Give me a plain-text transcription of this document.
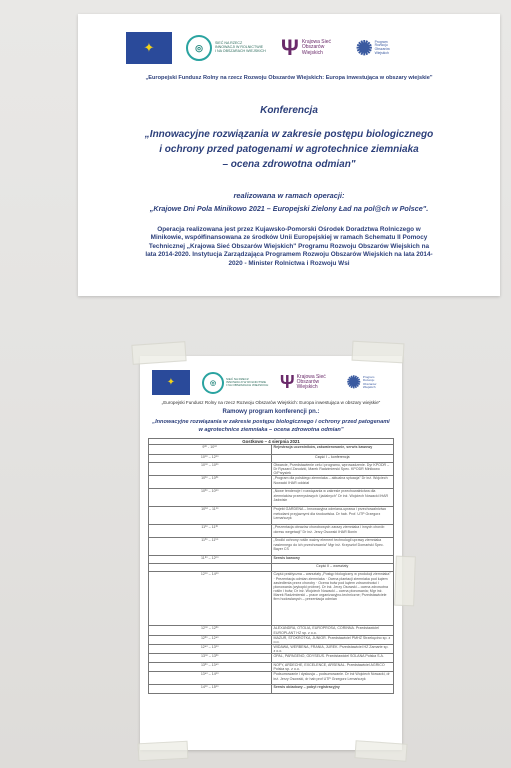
✦	◎	SIEĆ NA RZECZ
INNOWACJI W ROLNICTWIE
I NA OBSZARACH WIEJSKICH Ψ Krajowa Sieć
Obszarów
Wiejskich	✺ Program
Rozwoju
Obszarów
Wiejskich
„Europejski Fundusz Rolny na rzecz Rozwoju Obszarów Wiejskich: Europa inwestująca w obszary wiejskie"
Konferencja
„Innowacyjne rozwiązania w zakresie postępu biologicznego
i ochrony przed patogenami w agrotechnice ziemniaka
– ocena zdrowotna odmian"
realizowana w ramach operacji:
„Krajowe Dni Pola Minikowo 2021 – Europejski Zielony Ład na pol@ch w Polsce".
Operacja realizowana jest przez Kujawsko-Pomorski Ośrodek Doradztwa Rolniczego w
Minikowie, współfinansowana ze środków Unii Europejskiej w ramach Schematu II Pomocy
Technicznej „Krajowa Sieć Obszarów Wiejskich" Programu Rozwoju Obszarów Wiejskich na
lata 2014-2020. Instytucja Zarządzająca Programem Rozwoju Obszarów Wiejskich na lata 2014-
2020 - Minister Rolnictwa i Rozwoju Wsi
✦	◎
SIEĆ NA RZECZ
INNOWACJI W ROLNICTWIE
I NA OBSZARACH WIEJSKICH Ψ Krajowa Sieć
Obszarów Wiejskich	✺ Program
Rozwoju
Obszarów
Wiejskich
„Europejski Fundusz Rolny na rzecz Rozwoju Obszarów Wiejskich: Europa inwestująca w obszary wiejskie"
Ramowy program konferencji pn.:
„Innowacyjne rozwiązania w zakresie postępu biologicznego i ochrony przed patogenami
w agrotechnice ziemniaka – ocena zdrowotna odmian"
Gostkowo – 4 sierpnia 2021	
9³⁰ - 10⁰⁰	Rejestracja uczestników, zakwaterowanie, serwis kawowy
10⁰⁰ – 12⁰⁰	Część I – konferencja
10⁰⁰ – 10¹⁰	Otwarcie, Przedstawienie celu i programu, wprowadzenie. Dyr KPODR – Dr Ryszard Zarudzki, Marek Radzimierski Spec. KPODR Minikowo O/Przysiek
10¹⁰ – 10³⁰	„Program dla polskiego ziemniaka – aktualna sytuacja" Dr inż. Wojciech Nowacki IHAR oddział
10³⁰ – 10⁵⁰	„Nowe tendencje i rozwiązania w zakresie przechowalnictwa dla ziemniaków przemysłowych i jadalnych" Dr inż. Wojciech Nowacki IHAR Jadwisin
10⁵⁰ – 11¹⁰	Projekt GARDENA – Innowacyjna odmiana-uprawa i przechowalnictwo metodami przyjaznymi dla środowiska. Dr hab. Prof. UTP Grzegorz Lemańczyk
11¹⁰ – 11³⁰	„Prezentacja obrazów chorobowych zarazy ziemniaka i innych chorób okresu wegetacji" Dr inż. Jerzy Osowski IHAR Bonin
11³⁰ – 11⁵⁰	„Środki ochrony roślin ważny element technologii uprawy ziemniaka nasiennego do ich przechowania" Mgr inż. Krzysztof Domański Spec. Bayer CS
11⁵⁰ – 12⁰⁰	Serwis kawowy
	Część II – warsztaty
12⁰⁰ – 14⁰⁰	Część praktyczna – warsztaty „Postęp biologiczny w produkcji ziemniaka" · Prezentacja odmian ziemniaka · Ocena plantacji ziemniaka pod kątem zasiedlenia przez choroby · Ocena bulw pod kątem zdrowotności i plonowania (wykopki próbne). Dr inż. Jerzy Osowski – ocena zdrowotna roślin i bulw; Dr inż. Wojciech Nowacki – ocena plonowania; Mgr inż. Marek Radzimierski – prace organizacyjno-techniczne; Przedstawiciele firm hodowlanych – prezentacja odmian
12⁰⁰ – 12²⁰	ALEXANDRA, OTOLIA, EUROPROSA, CORINNA. Przedstawiciel EUROPLANT HZ sp. z o.o.
12²⁰ – 12⁴⁰	MAZUR, STOKROTKA, JUNIOR. Przedstawiciel PMHZ Strzekęcino sp. z o.o.
12⁴⁰ – 13⁰⁰	WIDAWA, WERBENA, FRANIA, JUREK. Przedstawiciel HZ Zamarte sp. z o.o.
13⁰⁰ – 13²⁰	OPAL, PAPAGENO, ODYSEUS. Przedstawiciel SOLANA Polska S.A.
13²⁰ – 13⁴⁰	NOFY, ARDECHE, EXCELENCE, ARSENAL. Przedstawiciel AGRICO Polska sp. z o.o.
13⁴⁰ – 14⁰⁰	Podsumowanie i dyskusja – podsumowanie. Dr inż Wojciech Nowacki, dr inż. Jerzy Osowski, dr hab prof UTP Grzegorz Lemańczyk
14⁰⁰ – 15⁰⁰	Serwis obiadowy – pobyt registracyjny
